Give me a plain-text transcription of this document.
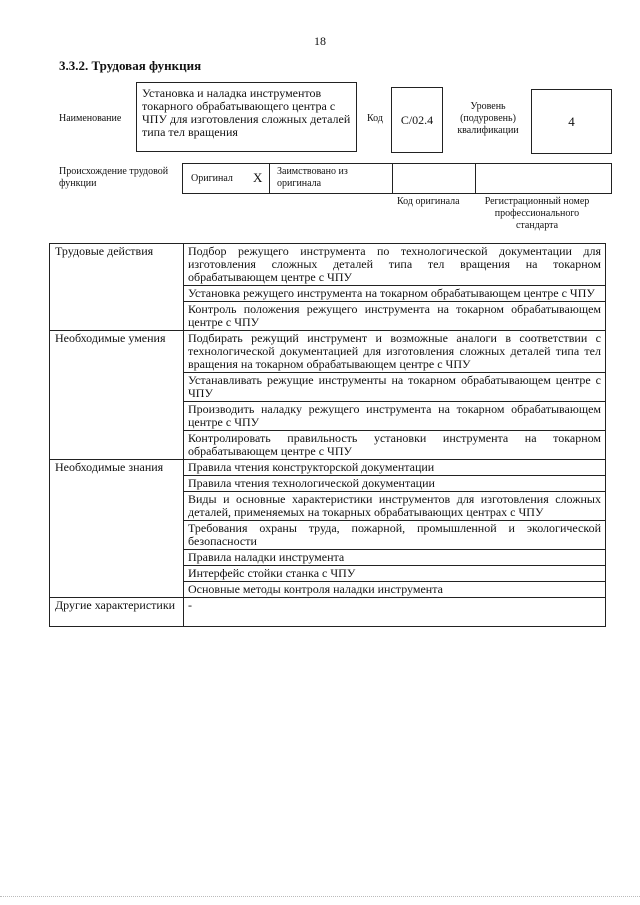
18
3.3.2. Трудовая функция
Наименование
Установка и наладка инструментов токарного обрабатывающего центра с ЧПУ для изготовления сложных деталей типа тел вращения
Код	С/02.4
Уровень (подуровень) квалификации
4
Происхождение трудовой функции	Оригинал Х Заимствовано из оригинала
Код оригинала	Регистрационный номер профессионального стандарта
Трудовые действия	Подбор режущего инструмента по технологической документации для изготовления сложных деталей типа тел вращения на токарном обрабатывающем центре с ЧПУ
	Установка режущего инструмента на токарном обрабатывающем центре с ЧПУ
	Контроль положения режущего инструмента на токарном обрабатывающем центре с ЧПУ
Необходимые умения	Подбирать режущий инструмент и возможные аналоги в соответствии с технологической документацией для изготовления сложных деталей типа тел вращения на токарном обрабатывающем центре с ЧПУ
	Устанавливать режущие инструменты на токарном обрабатывающем центре с ЧПУ
	Производить наладку режущего инструмента на токарном обрабатывающем центре с ЧПУ
	Контролировать правильность установки инструмента на токарном обрабатывающем центре с ЧПУ
Необходимые знания	Правила чтения конструкторской документации
	Правила чтения технологической документации
	Виды и основные характеристики инструментов для изготовления сложных деталей, применяемых на токарных обрабатывающих центрах с ЧПУ
	Требования охраны труда, пожарной, промышленной и экологической безопасности
	Правила наладки инструмента
	Интерфейс стойки станка с ЧПУ
	Основные методы контроля наладки инструмента
Другие характеристики	-
